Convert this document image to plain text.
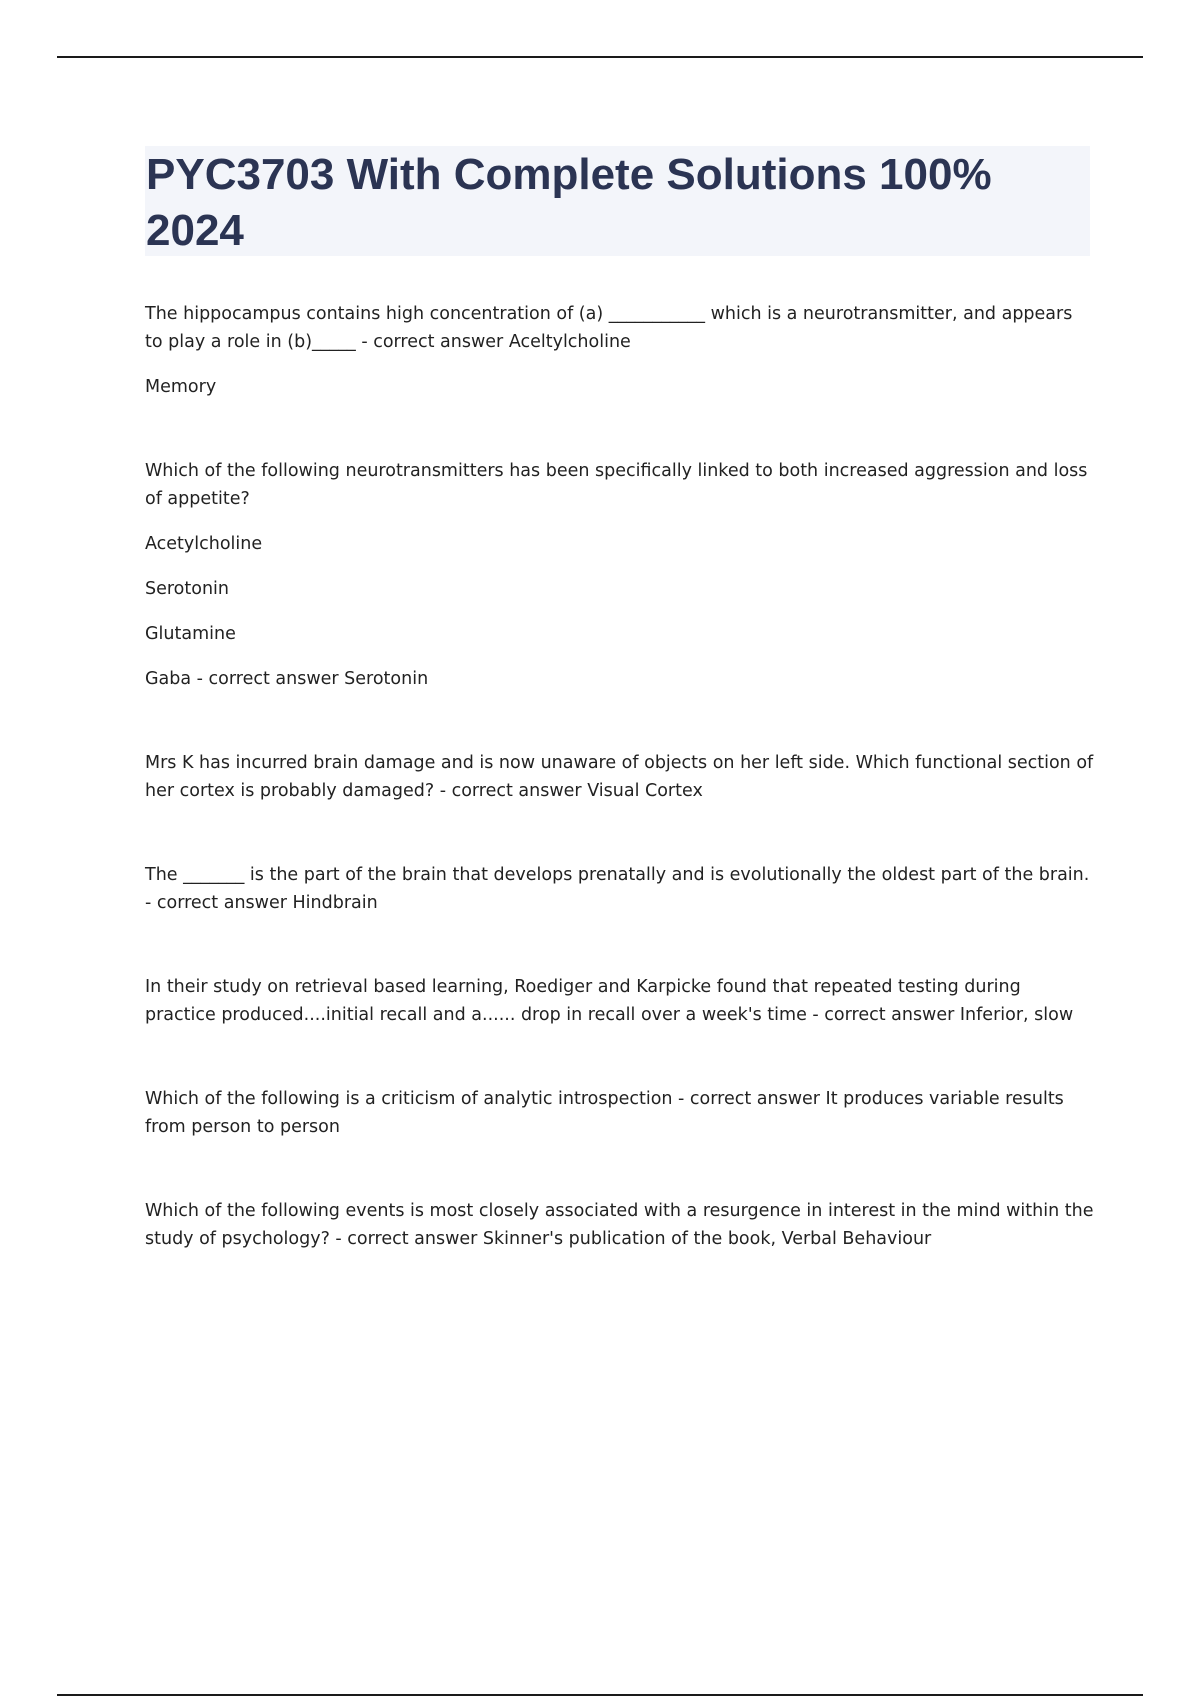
PYC3703 With Complete Solutions 100%
2024

The hippocampus contains high concentration of (a) ___________ which is a neurotransmitter, and appears to play a role in (b)_____ - correct answer Aceltylcholine

Memory

Which of the following neurotransmitters has been specifically linked to both increased aggression and loss of appetite?

Acetylcholine

Serotonin

Glutamine

Gaba - correct answer Serotonin

Mrs K has incurred brain damage and is now unaware of objects on her left side. Which functional section of her cortex is probably damaged? - correct answer Visual Cortex

The _______ is the part of the brain that develops prenatally and is evolutionally the oldest part of the brain. - correct answer Hindbrain

In their study on retrieval based learning, Roediger and Karpicke found that repeated testing during practice produced....initial recall and a...... drop in recall over a week's time - correct answer Inferior, slow

Which of the following is a criticism of analytic introspection - correct answer It produces variable results from person to person

Which of the following events is most closely associated with a resurgence in interest in the mind within the study of psychology? - correct answer Skinner's publication of the book, Verbal Behaviour
